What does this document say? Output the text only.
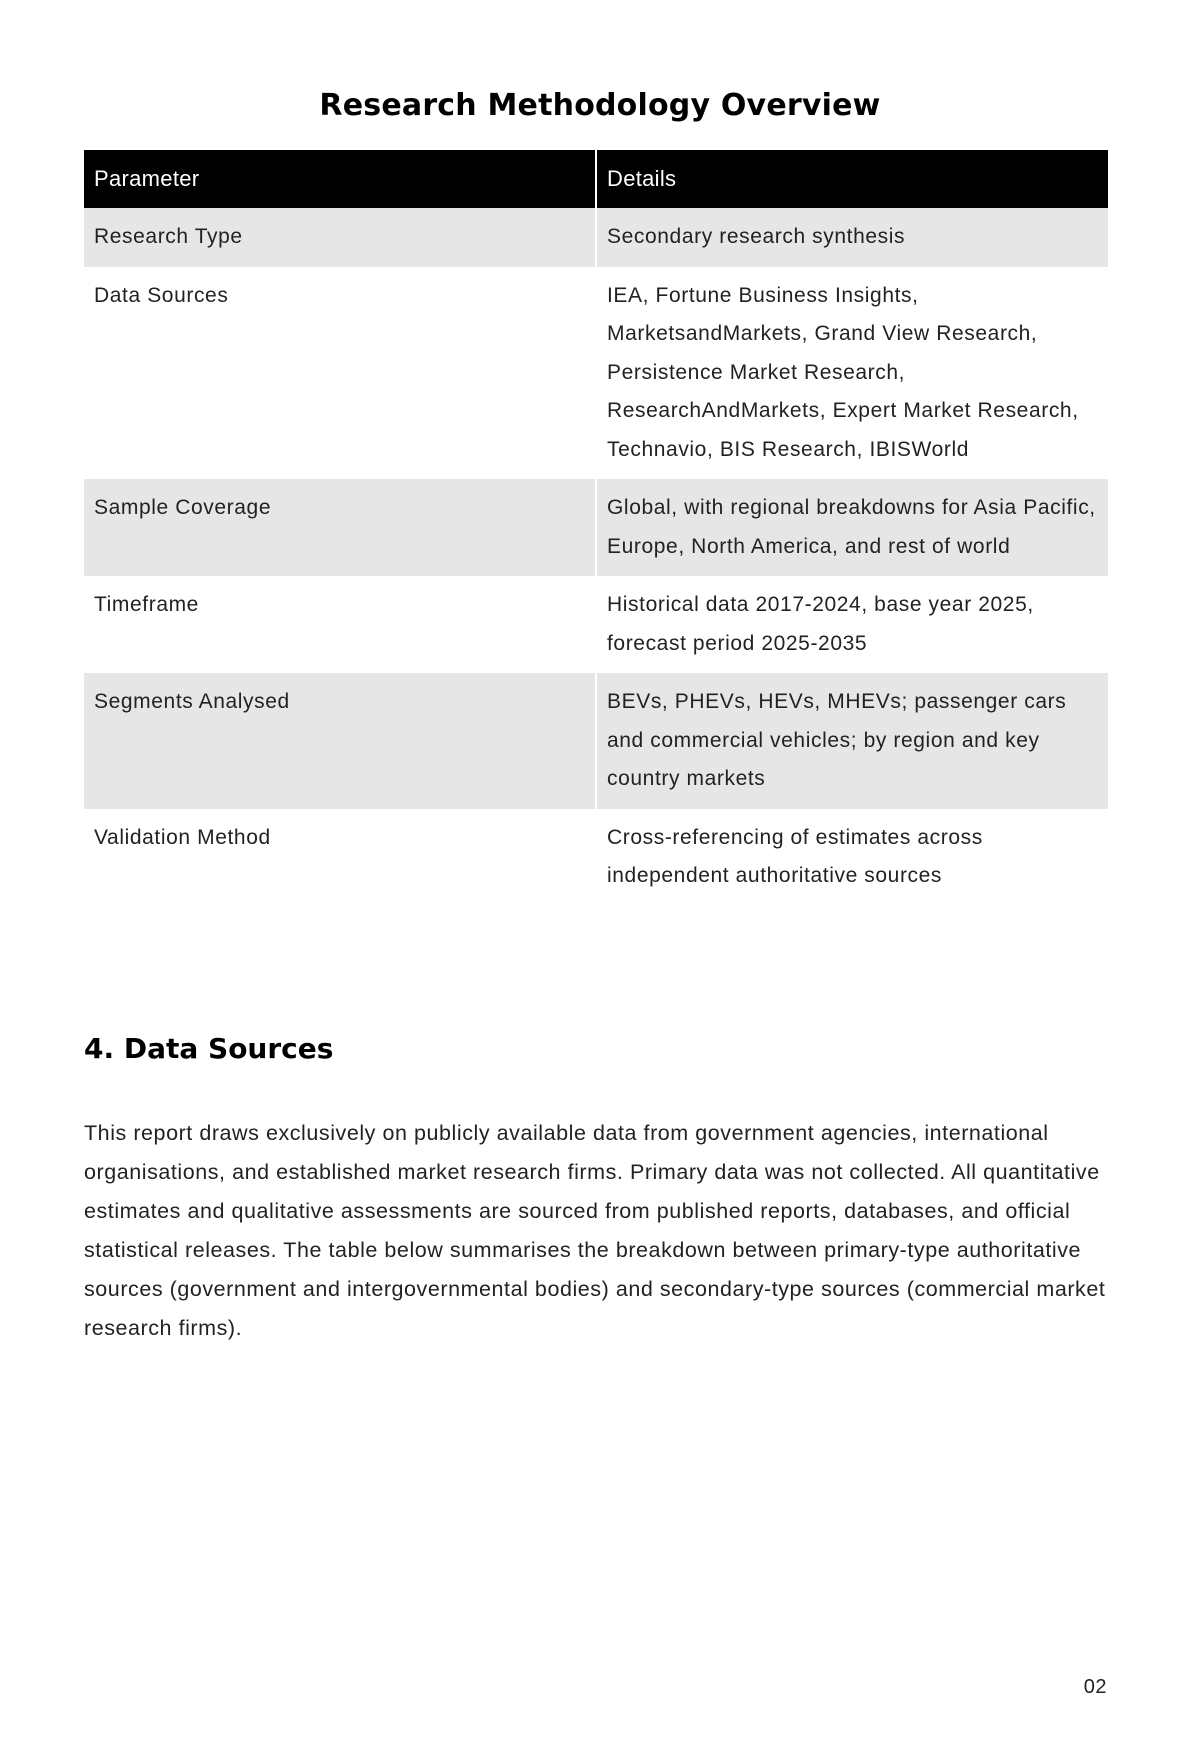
Research Methodology Overview
Parameter	Details
Research Type	Secondary research synthesis
Data Sources	IEA, Fortune Business Insights, MarketsandMarkets, Grand View Research, Persistence Market Research, ResearchAndMarkets, Expert Market Research, Technavio, BIS Research, IBISWorld
Sample Coverage	Global, with regional breakdowns for Asia Pacific, Europe, North America, and rest of world
Timeframe	Historical data 2017-2024, base year 2025, forecast period 2025-2035
Segments Analysed	BEVs, PHEVs, HEVs, MHEVs; passenger cars and commercial vehicles; by region and key country markets
Validation Method	Cross-referencing of estimates across independent authoritative sources
4. Data Sources

This report draws exclusively on publicly available data from government agencies, international organisations, and established market research firms. Primary data was not collected. All quantitative estimates and qualitative assessments are sourced from published reports, databases, and official statistical releases. The table below summarises the breakdown between primary-type authoritative sources (government and intergovernmental bodies) and secondary-type sources (commercial market research firms).

02
